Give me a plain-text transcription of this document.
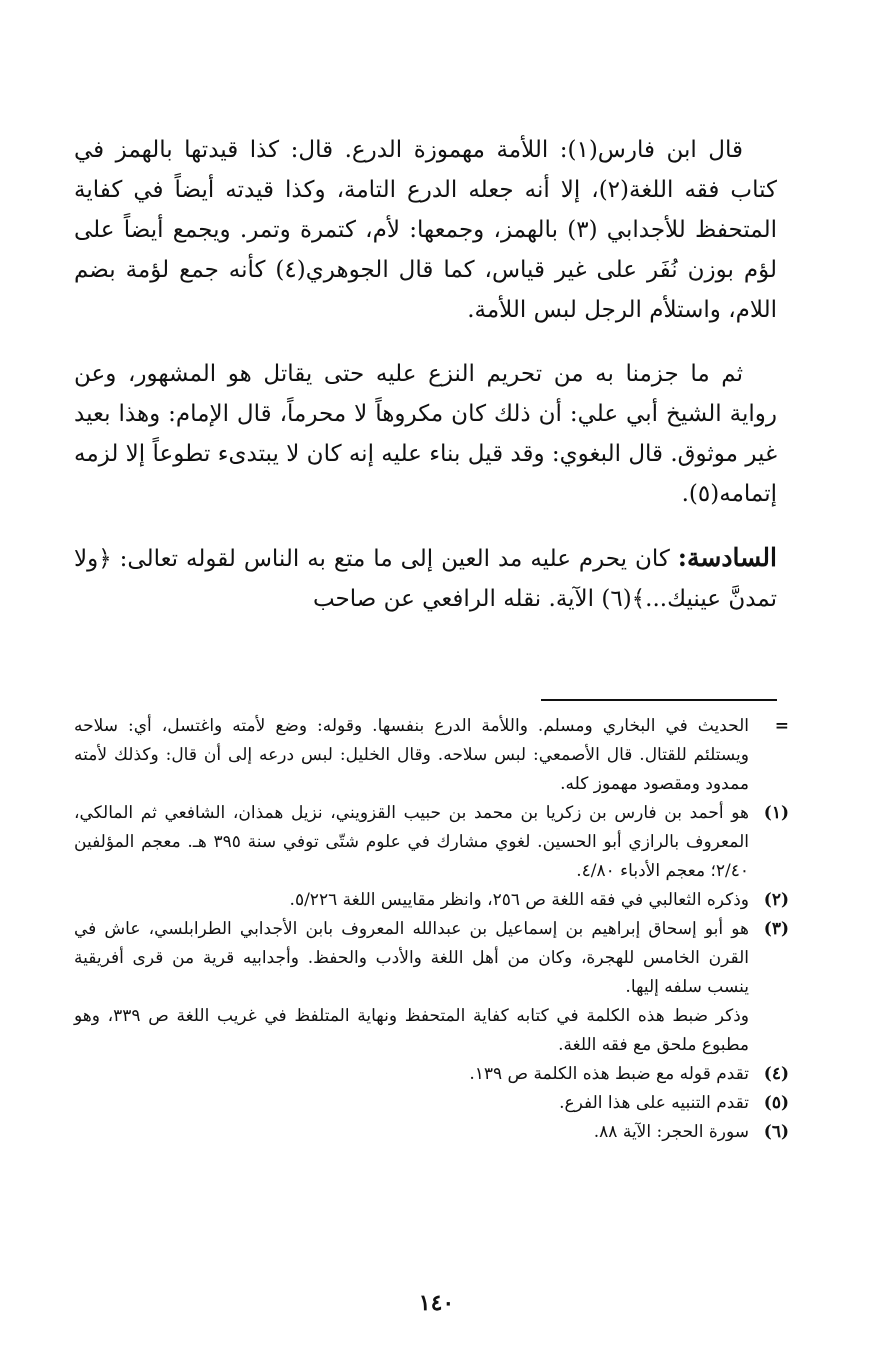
قال ابن فارس(١): اللأمة مهموزة الدرع. قال: كذا قيدتها بالهمز في كتاب فقه اللغة(٢)، إلا أنه جعله الدرع التامة، وكذا قيدته أيضاً في كفاية المتحفظ للأجدابي (٣) بالهمز، وجمعها: لأم، كتمرة وتمر. ويجمع أيضاً على لؤم بوزن نُفَر على غير قياس، كما قال الجوهري(٤) كأنه جمع لؤمة بضم اللام، واستلأم الرجل لبس اللأمة.

ثم ما جزمنا به من تحريم النزع عليه حتى يقاتل هو المشهور، وعن رواية الشيخ أبي علي: أن ذلك كان مكروهاً لا محرماً، قال الإمام: وهذا بعيد غير موثوق. قال البغوي: وقد قيل بناء عليه إنه كان لا يبتدىء تطوعاً إلا لزمه إتمامه(٥).

السادسة: كان يحرم عليه مد العين إلى ما متع به الناس لقوله تعالى: ﴿ولا تمدنَّ عينيك...﴾(٦) الآية. نقله الرافعي عن صاحب

=
الحديث في البخاري ومسلم. واللأمة الدرع بنفسها. وقوله: وضع لأمته واغتسل، أي: سلاحه ويستلئم للقتال. قال الأصمعي: لبس سلاحه. وقال الخليل: لبس درعه إلى أن قال: وكذلك لأمته ممدود ومقصود مهموز كله.
(١)
هو أحمد بن فارس بن زكريا بن محمد بن حبيب القزويني، نزيل همذان، الشافعي ثم المالكي، المعروف بالرازي أبو الحسين. لغوي مشارك في علوم شتّى توفي سنة ٣٩٥ هـ. معجم المؤلفين ٢/٤٠؛ معجم الأدباء ٤/٨٠.
(٢)
وذكره الثعالبي في فقه اللغة ص ٢٥٦، وانظر مقاييس اللغة ٥/٢٢٦.
(٣)
هو أبو إسحاق إبراهيم بن إسماعيل بن عبدالله المعروف بابن الأجدابي الطرابلسي، عاش في القرن الخامس للهجرة، وكان من أهل اللغة والأدب والحفظ. وأجدابيه قرية من قرى أفريقية ينسب سلفه إليها.
وذكر ضبط هذه الكلمة في كتابه كفاية المتحفظ ونهاية المتلفظ في غريب اللغة ص ٣٣٩، وهو مطبوع ملحق مع فقه اللغة.
(٤)
تقدم قوله مع ضبط هذه الكلمة ص ١٣٩.
(٥)
تقدم التنبيه على هذا الفرع.
(٦)
سورة الحجر: الآية ٨٨.
١٤٠
